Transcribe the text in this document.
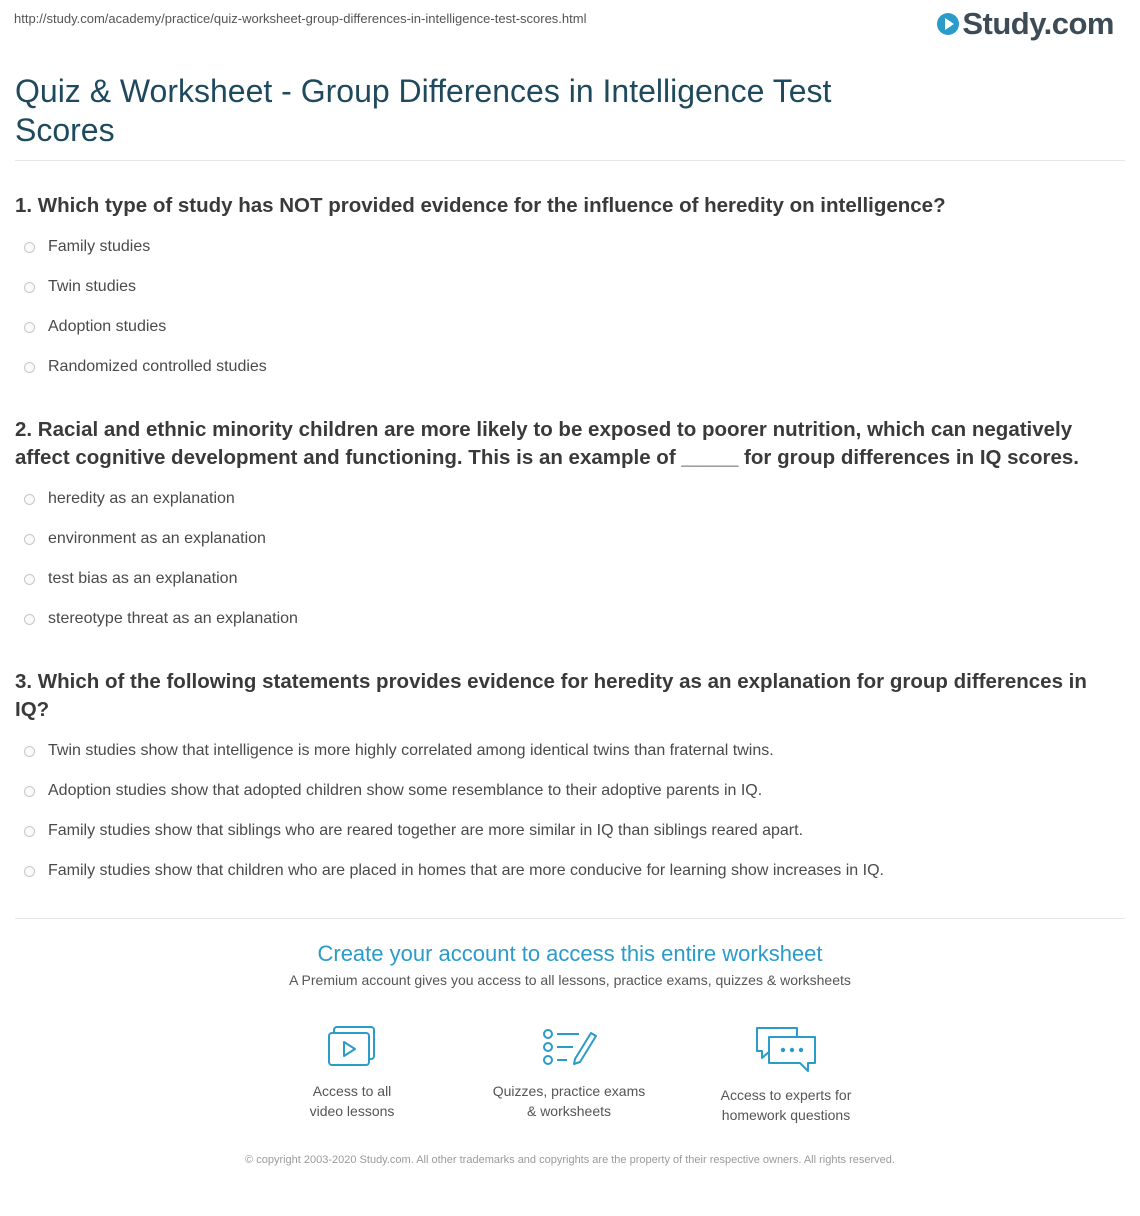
http://study.com/academy/practice/quiz-worksheet-group-differences-in-intelligence-test-scores.html	Study.com
Quiz & Worksheet - Group Differences in Intelligence Test Scores
1. Which type of study has NOT provided evidence for the influence of heredity on intelligence?
Family studies
Twin studies
Adoption studies
Randomized controlled studies
2. Racial and ethnic minority children are more likely to be exposed to poorer nutrition, which can negatively affect cognitive development and functioning. This is an example of _____ for group differences in IQ scores.
heredity as an explanation
environment as an explanation
test bias as an explanation
stereotype threat as an explanation
3. Which of the following statements provides evidence for heredity as an explanation for group differences in IQ?
Twin studies show that intelligence is more highly correlated among identical twins than fraternal twins.
Adoption studies show that adopted children show some resemblance to their adoptive parents in IQ.
Family studies show that siblings who are reared together are more similar in IQ than siblings reared apart.
Family studies show that children who are placed in homes that are more conducive for learning show increases in IQ.
Create your account to access this entire worksheet
A Premium account gives you access to all lessons, practice exams, quizzes & worksheets
Access to all
video lessons
Quizzes, practice exams
& worksheets
Access to experts for
homework questions
© copyright 2003-2020 Study.com. All other trademarks and copyrights are the property of their respective owners. All rights reserved.
